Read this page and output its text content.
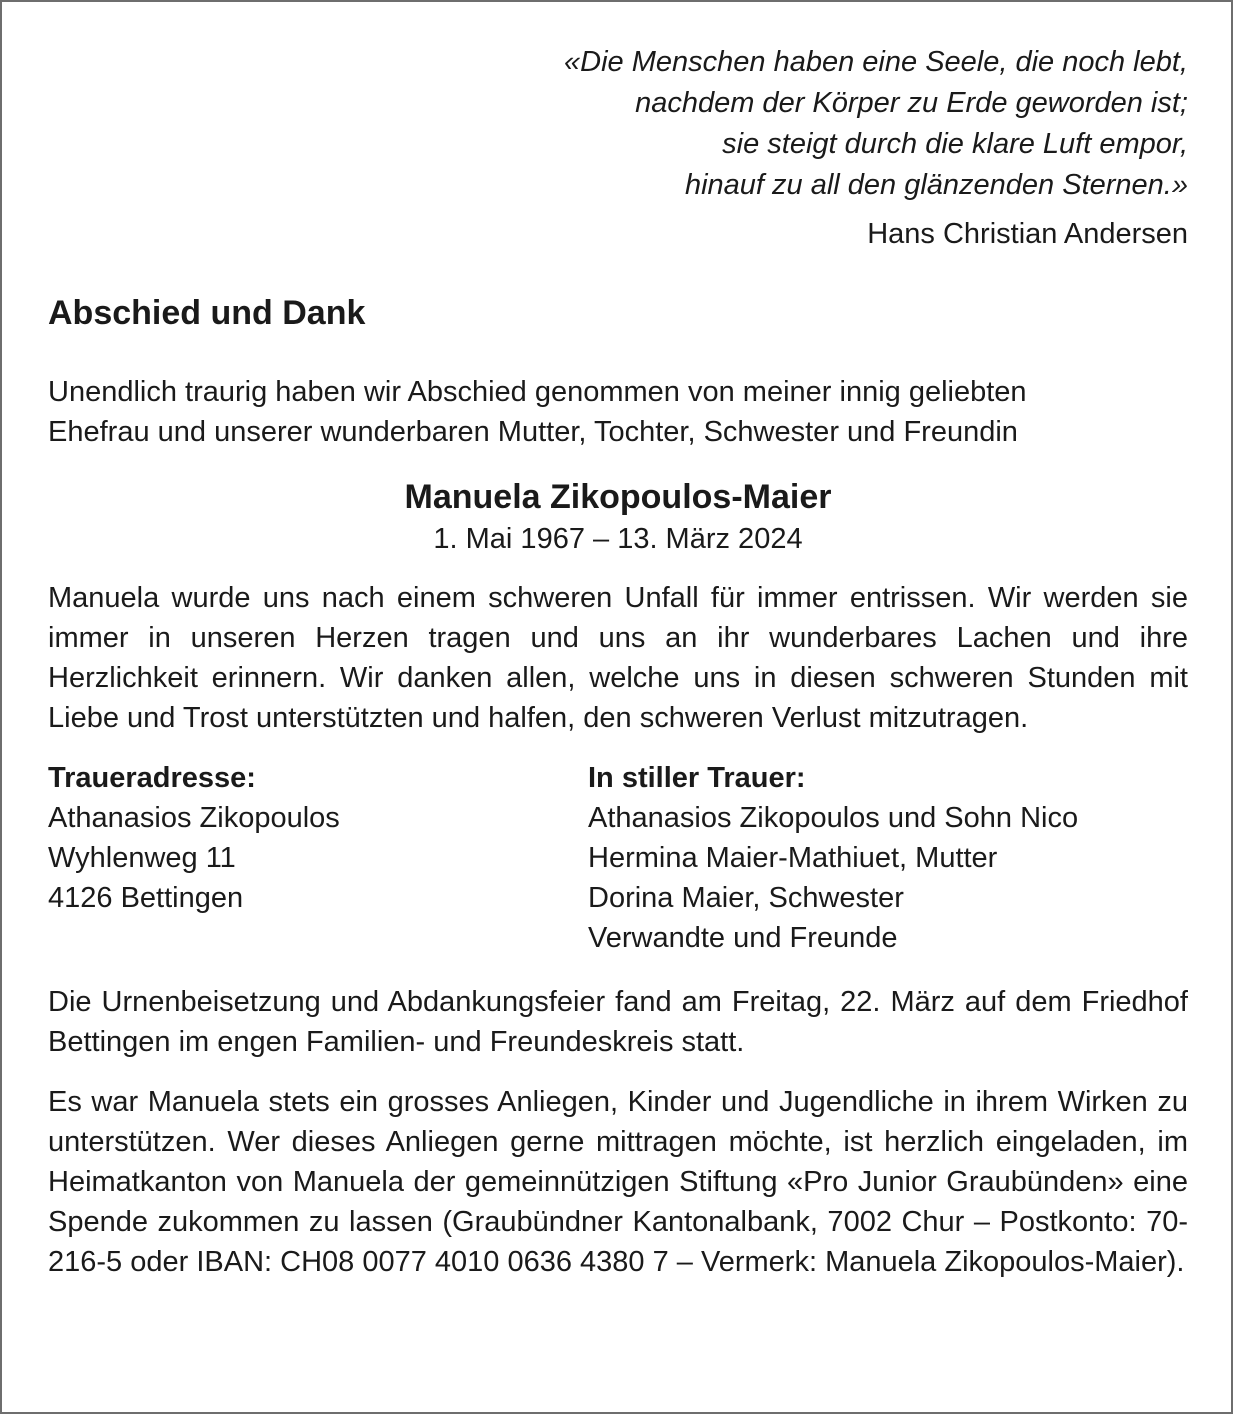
«Die Menschen haben eine Seele, die noch lebt,
nachdem der Körper zu Erde geworden ist;
sie steigt durch die klare Luft empor,
hinauf zu all den glänzenden Sternen.»
Hans Christian Andersen
Abschied und Dank
Unendlich traurig haben wir Abschied genommen von meiner innig geliebten
Ehefrau und unserer wunderbaren Mutter, Tochter, Schwester und Freundin
Manuela Zikopoulos-Maier
1. Mai 1967 – 13. März 2024
Manuela wurde uns nach einem schweren Unfall für immer entrissen. Wir werden sie immer in unseren Herzen tragen und uns an ihr wunderbares Lachen und ihre Herzlichkeit erinnern. Wir danken allen, welche uns in diesen schweren Stunden mit Liebe und Trost unterstützten und halfen, den schweren Verlust mitzutragen.
Traueradresse:
Athanasios Zikopoulos
Wyhlenweg 11
4126 Bettingen
In stiller Trauer:
Athanasios Zikopoulos und Sohn Nico
Hermina Maier-Mathiuet, Mutter
Dorina Maier, Schwester
Verwandte und Freunde
Die Urnenbeisetzung und Abdankungsfeier fand am Freitag, 22. März auf dem Friedhof Bettingen im engen Familien- und Freundeskreis statt.
Es war Manuela stets ein grosses Anliegen, Kinder und Jugendliche in ihrem Wirken zu unterstützen. Wer dieses Anliegen gerne mittragen möchte, ist herzlich eingeladen, im Heimatkanton von Manuela der gemeinnützigen Stiftung «Pro Junior Graubünden» eine Spende zukommen zu lassen (Graubündner Kantonalbank, 7002 Chur – Postkonto: 70-216-5 oder IBAN: CH08 0077 4010 0636 4380 7 – Vermerk: Manuela Zikopoulos-Maier).
